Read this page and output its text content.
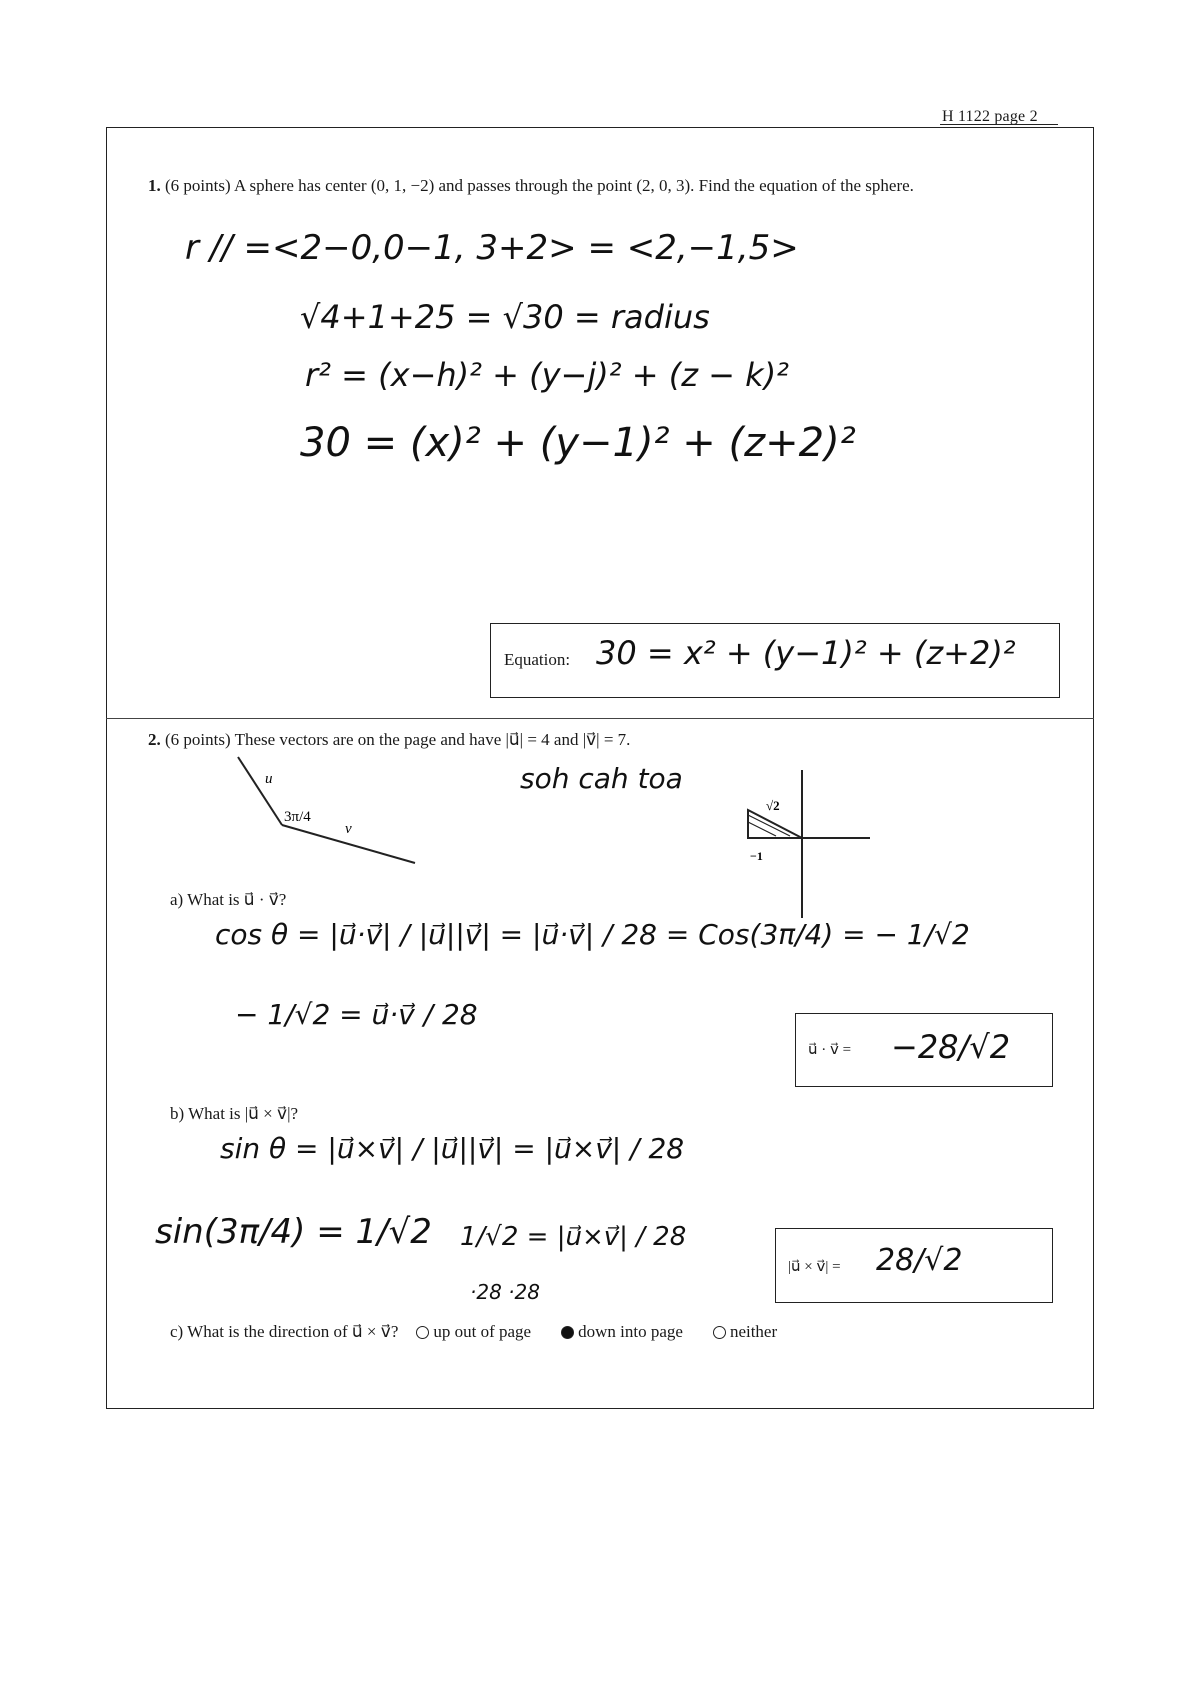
H 1122 page 2
1. (6 points) A sphere has center (0, 1, −2) and passes through the point (2, 0, 3). Find the equation of the sphere.
r // =<2−0,0−1, 3+2> = <2,−1,5>
√4+1+25 = √30 = radius
r² = (x−h)² + (y−j)² + (z − k)²
30 = (x)² + (y−1)² + (z+2)²
Equation: 30 = x² + (y−1)² + (z+2)²
2. (6 points) These vectors are on the page and have |u⃗| = 4 and |v⃗| = 7.
u⃗
v⃗
3π/4
soh cah toa
√2
−1
a) What is u⃗ · v⃗?
cos θ = |u⃗·v⃗| / |u⃗||v⃗| = |u⃗·v⃗| / 28 = Cos(3π/4) = − 1/√2
− 1/√2 = u⃗·v⃗ / 28
u⃗ · v⃗ = −28/√2
b) What is |u⃗ × v⃗|?
sin θ = |u⃗×v⃗| / |u⃗||v⃗| = |u⃗×v⃗| / 28
sin(3π/4) = 1/√2 1/√2 = |u⃗×v⃗| / 28
·28 ·28
|u⃗ × v⃗| = 28/√2
c) What is the direction of u⃗ × v⃗? up out of page	down into page	neither
